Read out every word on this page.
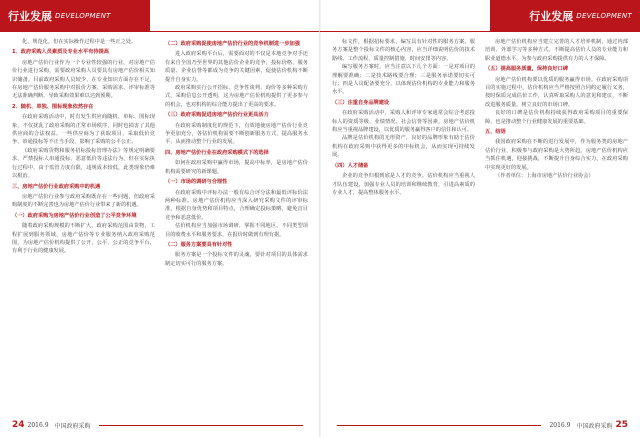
行业发展 DEVELOPMENT

化、规范化，但在实际操作过程中是一些正之处。

1．政府采购入员素质及专业水平有待提高

房地产估价行业作为一个专业性较强的行业，对房地产估价行业进行采购，需要政府采购人员要具有房地产估价相关知识储备。目前政府采购人员较少，在专业知识方面存在不足，在房地产估价服务采购中对报价方案、采购需求、评审标准等无法准确判断，导致采购效果难以达到预期。

2．随机、单独、围标现象依然存在

在政府采购活动中，时有发生供应商随机、单标、围标现象，不仅扰乱了政府采购的正常市场秩序，同时也损害了其他供应商的合法权益。一些供应商为了获取项目，采取低价竞争、串通投标等不正当手段，影响了采购的公平公正。

《政府采购货物和服务招标投标管理办法》等规定明确要求，严禁投标人串通投标、恶意低价等违法行为，但在实际执行过程中，由于监管力度有限，违规成本较低，此类现象仍难以根治。

三、房地产估价行业政府采购中的机遇

房地产估价行业参与政府采购既存在一些问题，但政府采购制度的不断完善也为房地产估价行业带来了新的机遇。

（一）政府采购为房地产估价行业创造了公平竞争环境

随着政府采购规模的不断扩大，政府采购范围由货物、工程扩展到服务领域，房地产估价等专业服务纳入政府采购范围，为房地产估价机构提供了公开、公平、公正的竞争平台，有利于行业的健康发展。

（二）政府采购促使房地产估价行业的竞争机制进一步加强

进入政府采购平台后，需要面对的不仅是本地竞争对手还有来自全国乃至世界的其他估价企业的竞争，投标价格、服务质量、企业信誉等都成为竞争的关键因素，促使估价机构不断提升自身实力。

政府采购实行公开招标、竞争性谈判、询价等多种采购方式，采购信息公开透明，这为房地产估价机构提供了更多参与的机会，也对机构的综合能力提出了更高的要求。

（三）政府采购促进房地产估价行业更具活力

在政府采购制度化的规范下，有效地使房地产估价行业竞争更加充分，各估价机构需要不断创新服务方式，提高服务水平，从而推动整个行业的发展。

四、房地产估价行业在政府采购模式下的选择

如何在政府采购中赢得市场，提高中标率，是房地产估价机构需要研究的新课题。

（一）市场的调研与合理性

在政府采购中评标办法一般有综合评分法和最低评标价法两种标准。房地产估价机构应当深入研究采购文件的评审标准，根据自身优势和项目特点，合理确定投标策略，避免盲目竞争和恶意低价。

估价机构应当加强市场调研，掌握不同地区、不同类型项目的收费水平和服务要求，在报价时做到有理有据。

（二）服务方案要具有针对性

服务方案是一个投标文件的灵魂，要针对项目的具体需求制定切实可行的服务方案。

24 2016.9 中国政府采购
行业发展 DEVELOPMENT

标文件，根据招标要求，编写具有针对性的服务方案。服务方案是整个投标文件的核心内容，应当详细说明估价的技术路线、工作流程、质量控制措施、时间安排等内容。

编写服务方案时，应当注意以下几个方面：一是对项目的理解要准确；二是技术路线要合理；三是服务承诺要切实可行；四是人员配备要充分，以体现估价机构的专业能力和服务水平。

（三）注重自身品牌建设

在政府采购活动中，采购人和评审专家通常会综合考虑投标人的资质等级、业绩情况、社会信誉等因素。房地产估价机构应当重视品牌建设，以优质的服务赢得客户的信任和认可。

品牌是估价机构的无形资产，良好的品牌形象有助于估价机构在政府采购中获得更多的中标机会，从而实现可持续发展。

（四）人才储备

企业的竞争归根到底是人才的竞争。估价机构应当重视人才队伍建设，加强专业人员的培训和继续教育，引进高素质的专业人才，提高整体服务水平。

房地产估价机构应当建立完善的人才培养机制，通过内部培训、外部学习等多种方式，不断提高估价人员的专业能力和职业道德水平，为参与政府采购提供有力的人才保障。

（五）提高服务质量，保持良好口碑

房地产估价机构要以优质的服务赢得市场。在政府采购项目的实施过程中，估价机构应当严格按照合同约定履行义务，按时保质完成估价工作，认真听取采购人的意见和建议，不断改进服务质量，树立良好的市场口碑。

良好的口碑是估价机构持续获得政府采购项目的重要保障，也是推动整个行业健康发展的重要基础。

五、结语

我国政府采购在不断的进行发展中，作为服务类的房地产估价行业，积极参与政府采购是大势所趋。房地产估价机构应当抓住机遇，迎接挑战，不断提升自身综合实力，在政府采购中实现更好的发展。

（作者单位：上海市房地产估价行业协会）

2016.9 中国政府采购 25
